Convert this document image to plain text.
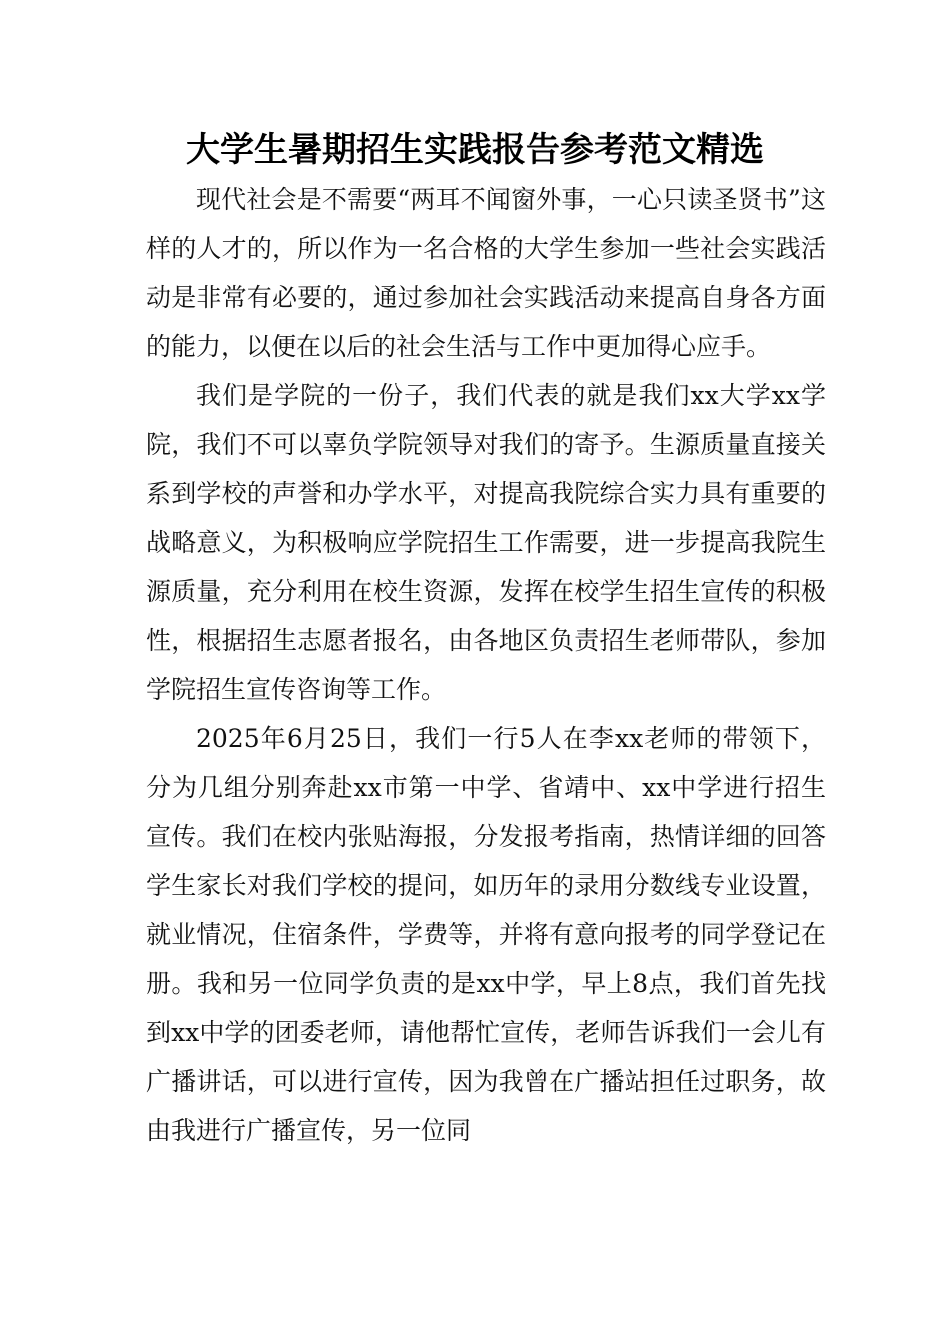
大学生暑期招生实践报告参考范文精选

现代社会是不需要“两耳不闻窗外事，一心只读圣贤书”这样的人才的，所以作为一名合格的大学生参加一些社会实践活动是非常有必要的，通过参加社会实践活动来提高自身各方面的能力，以便在以后的社会生活与工作中更加得心应手。

我们是学院的一份子，我们代表的就是我们xx大学xx学院，我们不可以辜负学院领导对我们的寄予。生源质量直接关系到学校的声誉和办学水平，对提高我院综合实力具有重要的战略意义，为积极响应学院招生工作需要，进一步提高我院生源质量，充分利用在校生资源，发挥在校学生招生宣传的积极性，根据招生志愿者报名，由各地区负责招生老师带队，参加学院招生宣传咨询等工作。

2025年6月25日，我们一行5人在李xx老师的带领下，分为几组分别奔赴xx市第一中学、省靖中、xx中学进行招生宣传。我们在校内张贴海报，分发报考指南，热情详细的回答学生家长对我们学校的提问，如历年的录用分数线专业设置，就业情况，住宿条件，学费等，并将有意向报考的同学登记在册。我和另一位同学负责的是xx中学，早上8点，我们首先找到xx中学的团委老师，请他帮忙宣传，老师告诉我们一会儿有广播讲话，可以进行宣传，因为我曾在广播站担任过职务，故由我进行广播宣传，另一位同
